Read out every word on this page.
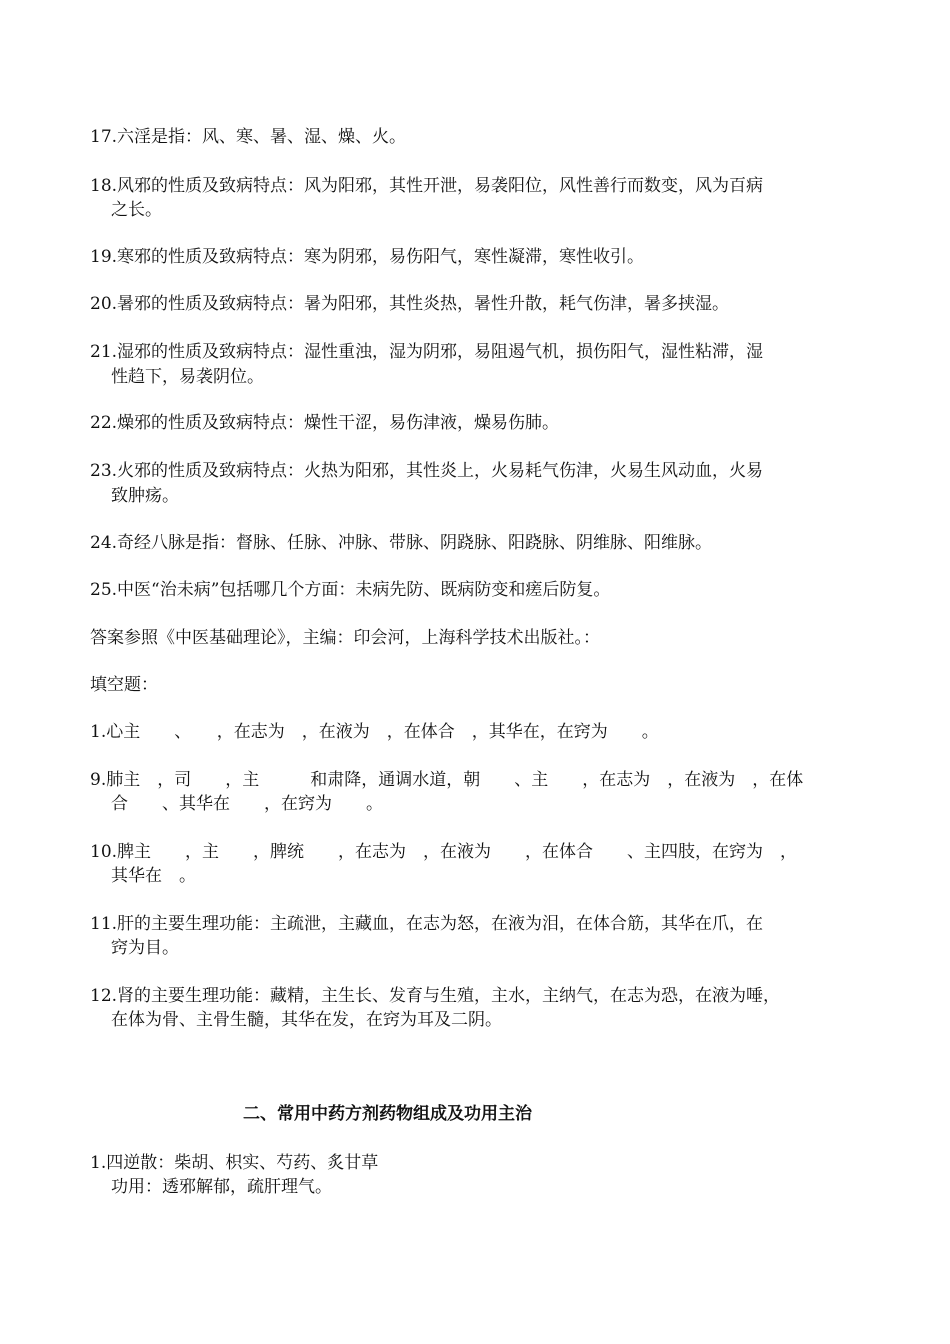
17.六淫是指：风、寒、暑、湿、燥、火。
18.风邪的性质及致病特点：风为阳邪，其性开泄，易袭阳位，风性善行而数变，风为百病
之长。
19.寒邪的性质及致病特点：寒为阴邪，易伤阳气，寒性凝滞，寒性收引。
20.暑邪的性质及致病特点：暑为阳邪，其性炎热，暑性升散，耗气伤津，暑多挟湿。
21.湿邪的性质及致病特点：湿性重浊，湿为阴邪，易阻遏气机，损伤阳气，湿性粘滞，湿
性趋下，易袭阴位。
22.燥邪的性质及致病特点：燥性干涩，易伤津液，燥易伤肺。
23.火邪的性质及致病特点：火热为阳邪，其性炎上，火易耗气伤津，火易生风动血，火易
致肿疡。
24.奇经八脉是指：督脉、任脉、冲脉、带脉、阴跷脉、阳跷脉、阴维脉、阳维脉。
25.中医“治未病”包括哪几个方面：未病先防、既病防变和瘥后防复。
答案参照《中医基础理论》，主编：印会河，上海科学技术出版社。：
填空题：
1.心主　　、　　，在志为　，在液为　，在体合　，其华在，在窍为　　。
9.肺主　，司　　，主　　　和肃降，通调水道，朝　　、主　　，在志为　，在液为　，在体
合　　、其华在　　，在窍为　　。
10.脾主　　，主　　，脾统　　，在志为　，在液为　　，在体合　　、主四肢，在窍为　，
其华在　。
11.肝的主要生理功能：主疏泄，主藏血，在志为怒，在液为泪，在体合筋，其华在爪，在
窍为目。
12.肾的主要生理功能：藏精，主生长、发育与生殖，主水，主纳气，在志为恐，在液为唾，
在体为骨、主骨生髓，其华在发，在窍为耳及二阴。
二、常用中药方剂药物组成及功用主治
1.四逆散：柴胡、枳实、芍药、炙甘草
功用：透邪解郁，疏肝理气。
